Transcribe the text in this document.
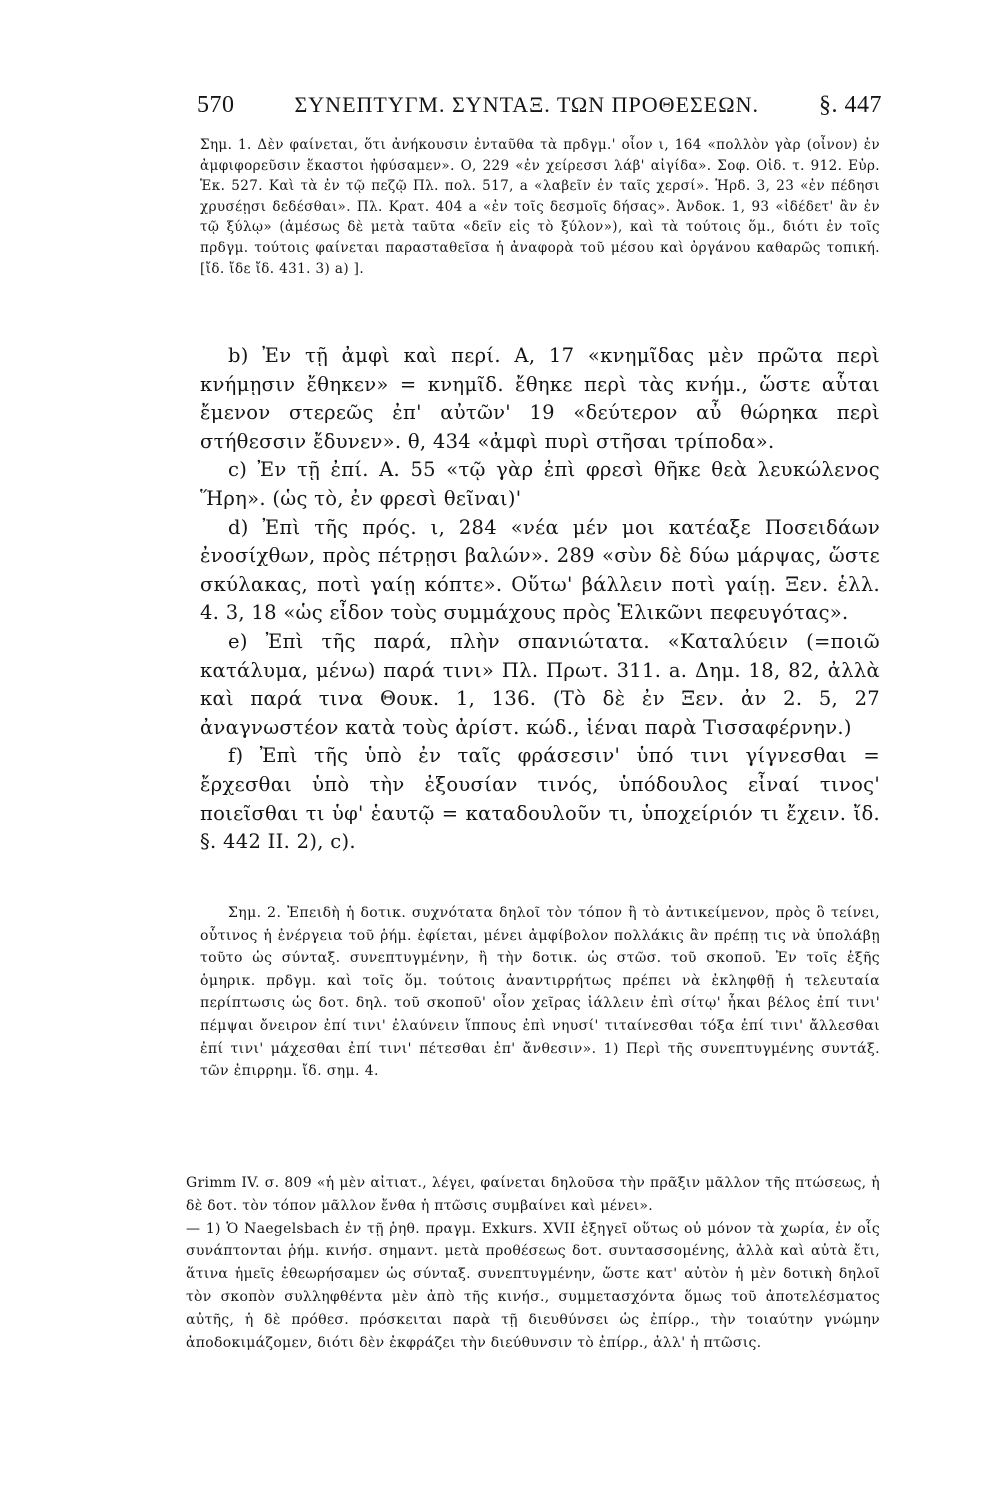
570	ΣΥΝΕΠΤΥΓΜ. ΣΥΝΤΑΞ. ΤΩΝ ΠΡΟΘΕΣΕΩΝ. §. 447
Σημ. 1. Δὲν φαίνεται, ὅτι ἀνήκουσιν ἐνταῦθα τὰ πρδγμ.' οἷον ι, 164 «πολλὸν γὰρ (οἶνον) ἐν ἀμφιφορεῦσιν ἕκαστοι ἠφύσαμεν». Ο, 229 «ἐν χείρεσσι λάβ' αἰγίδα». Σοφ. Οἰδ. τ. 912. Εὐρ. Ἑκ. 527. Καὶ τὰ ἐν τῷ πεζῷ Πλ. πολ. 517, a «λαβεῖν ἐν ταῖς χερσί». Ἡρδ. 3, 23 «ἐν πέδησι χρυσέῃσι δεδέσθαι». Πλ. Κρατ. 404 a «ἐν τοῖς δεσμοῖς δήσας». Ἀνδοκ. 1, 93 «ἰδέδετ' ἂν ἐν τῷ ξύλῳ» (ἀμέσως δὲ μετὰ ταῦτα «δεῖν εἰς τὸ ξύλον»), καὶ τὰ τούτοις ὅμ., διότι ἐν τοῖς πρδγμ. τούτοις φαίνεται παρασταθεῖσα ἡ ἀναφορὰ τοῦ μέσου καὶ ὀργάνου καθαρῶς τοπική. [ἴδ. ἴδε ἴδ. 431. 3) a) ].

b) Ἐν τῇ ἀμφὶ καὶ περί. Α, 17 «κνημῖδας μὲν πρῶτα περὶ κνήμῃσιν ἔθηκεν» = κνημῖδ. ἔθηκε περὶ τὰς κνήμ., ὥστε αὗται ἔμενον στερεῶς ἐπ' αὐτῶν' 19 «δεύτερον αὖ θώρηκα περὶ στήθεσσιν ἔδυνεν». θ, 434 «ἀμφὶ πυρὶ στῆσαι τρίποδα».

c) Ἐν τῇ ἐπί. Α. 55 «τῷ γὰρ ἐπὶ φρεσὶ θῆκε θεὰ λευκώλενος Ἥρη». (ὡς τὸ, ἐν φρεσὶ θεῖναι)'

d) Ἐπὶ τῆς πρός. ι, 284 «νέα μέν μοι κατέαξε Ποσειδάων ἐνοσίχθων, πρὸς πέτρῃσι βαλών». 289 «σὺν δὲ δύω μάρψας, ὥστε σκύλακας, ποτὶ γαίῃ κόπτε». Οὕτω' βάλλειν ποτὶ γαίῃ. Ξεν. ἑλλ. 4. 3, 18 «ὡς εἶδον τοὺς συμμάχους πρὸς Ἑλικῶνι πεφευγότας».

e) Ἐπὶ τῆς παρά, πλὴν σπανιώτατα. «Καταλύειν (=ποιῶ κατάλυμα, μένω) παρά τινι» Πλ. Πρωτ. 311. a. Δημ. 18, 82, ἀλλὰ καὶ παρά τινα Θουκ. 1, 136. (Τὸ δὲ ἐν Ξεν. ἀν 2. 5, 27 ἀναγνωστέον κατὰ τοὺς ἀρίστ. κώδ., ἰέναι παρὰ Τισσαφέρνην.)

f) Ἐπὶ τῆς ὑπὸ ἐν ταῖς φράσεσιν' ὑπό τινι γίγνεσθαι = ἔρχεσθαι ὑπὸ τὴν ἐξουσίαν τινός, ὑπόδουλος εἶναί τινος' ποιεῖσθαι τι ὑφ' ἑαυτῷ = καταδουλοῦν τι, ὑποχείριόν τι ἔχειν. ἴδ. §. 442 II. 2), c).

Σημ. 2. Ἐπειδὴ ἡ δοτικ. συχνότατα δηλοῖ τὸν τόπον ἢ τὸ ἀντικείμενον, πρὸς ὃ τείνει, οὗτινος ἡ ἐνέργεια τοῦ ῥήμ. ἐφίεται, μένει ἀμφίβολον πολλάκις ἂν πρέπῃ τις νὰ ὑπολάβῃ τοῦτο ὡς σύνταξ. συνεπτυγμένην, ἢ τὴν δοτικ. ὡς στῶσ. τοῦ σκοποῦ. Ἐν τοῖς ἑξῆς ὁμηρικ. πρδγμ. καὶ τοῖς ὅμ. τούτοις ἀναντιρρήτως πρέπει νὰ ἐκληφθῇ ἡ τελευταία περίπτωσις ὡς δοτ. δηλ. τοῦ σκοποῦ' οἷον χεῖρας ἰάλλειν ἐπὶ σίτῳ' ἧκαι βέλος ἐπί τινι' πέμψαι ὄνειρον ἐπί τινι' ἐλαύνειν ἵππους ἐπὶ νηυσί' τιταίνεσθαι τόξα ἐπί τινι' ἄλλεσθαι ἐπί τινι' μάχεσθαι ἐπί τινι' πέτεσθαι ἐπ' ἄνθεσιν». 1) Περὶ τῆς συνεπτυγμένης συντάξ. τῶν ἐπιρρημ. ἴδ. σημ. 4.

Grimm IV. σ. 809 «ἡ μὲν αἰτιατ., λέγει, φαίνεται δηλοῦσα τὴν πρᾶξιν μᾶλλον τῆς πτώσεως, ἡ δὲ δοτ. τὸν τόπον μᾶλλον ἔνθα ἡ πτῶσις συμβαίνει καὶ μένει».

— 1) Ὁ Naegelsbach ἐν τῇ ῥηθ. πραγμ. Exkurs. XVII ἐξηγεῖ οὕτως οὐ μόνον τὰ χωρία, ἐν οἷς συνάπτονται ῥήμ. κινήσ. σημαντ. μετὰ προθέσεως δοτ. συντασσομένης, ἀλλὰ καὶ αὐτὰ ἔτι, ἅτινα ἡμεῖς ἐθεωρήσαμεν ὡς σύνταξ. συνεπτυγμένην, ὥστε κατ' αὐτὸν ἡ μὲν δοτικὴ δηλοῖ τὸν σκοπὸν συλληφθέντα μὲν ἀπὸ τῆς κινήσ., συμμετασχόντα ὅμως τοῦ ἀποτελέσματος αὐτῆς, ἡ δὲ πρόθεσ. πρόσκειται παρὰ τῇ διευθύνσει ὡς ἐπίρρ., τὴν τοιαύτην γνώμην ἀποδοκιμάζομεν, διότι δὲν ἐκφράζει τὴν διεύθυνσιν τὸ ἐπίρρ., ἀλλ' ἡ πτῶσις.
